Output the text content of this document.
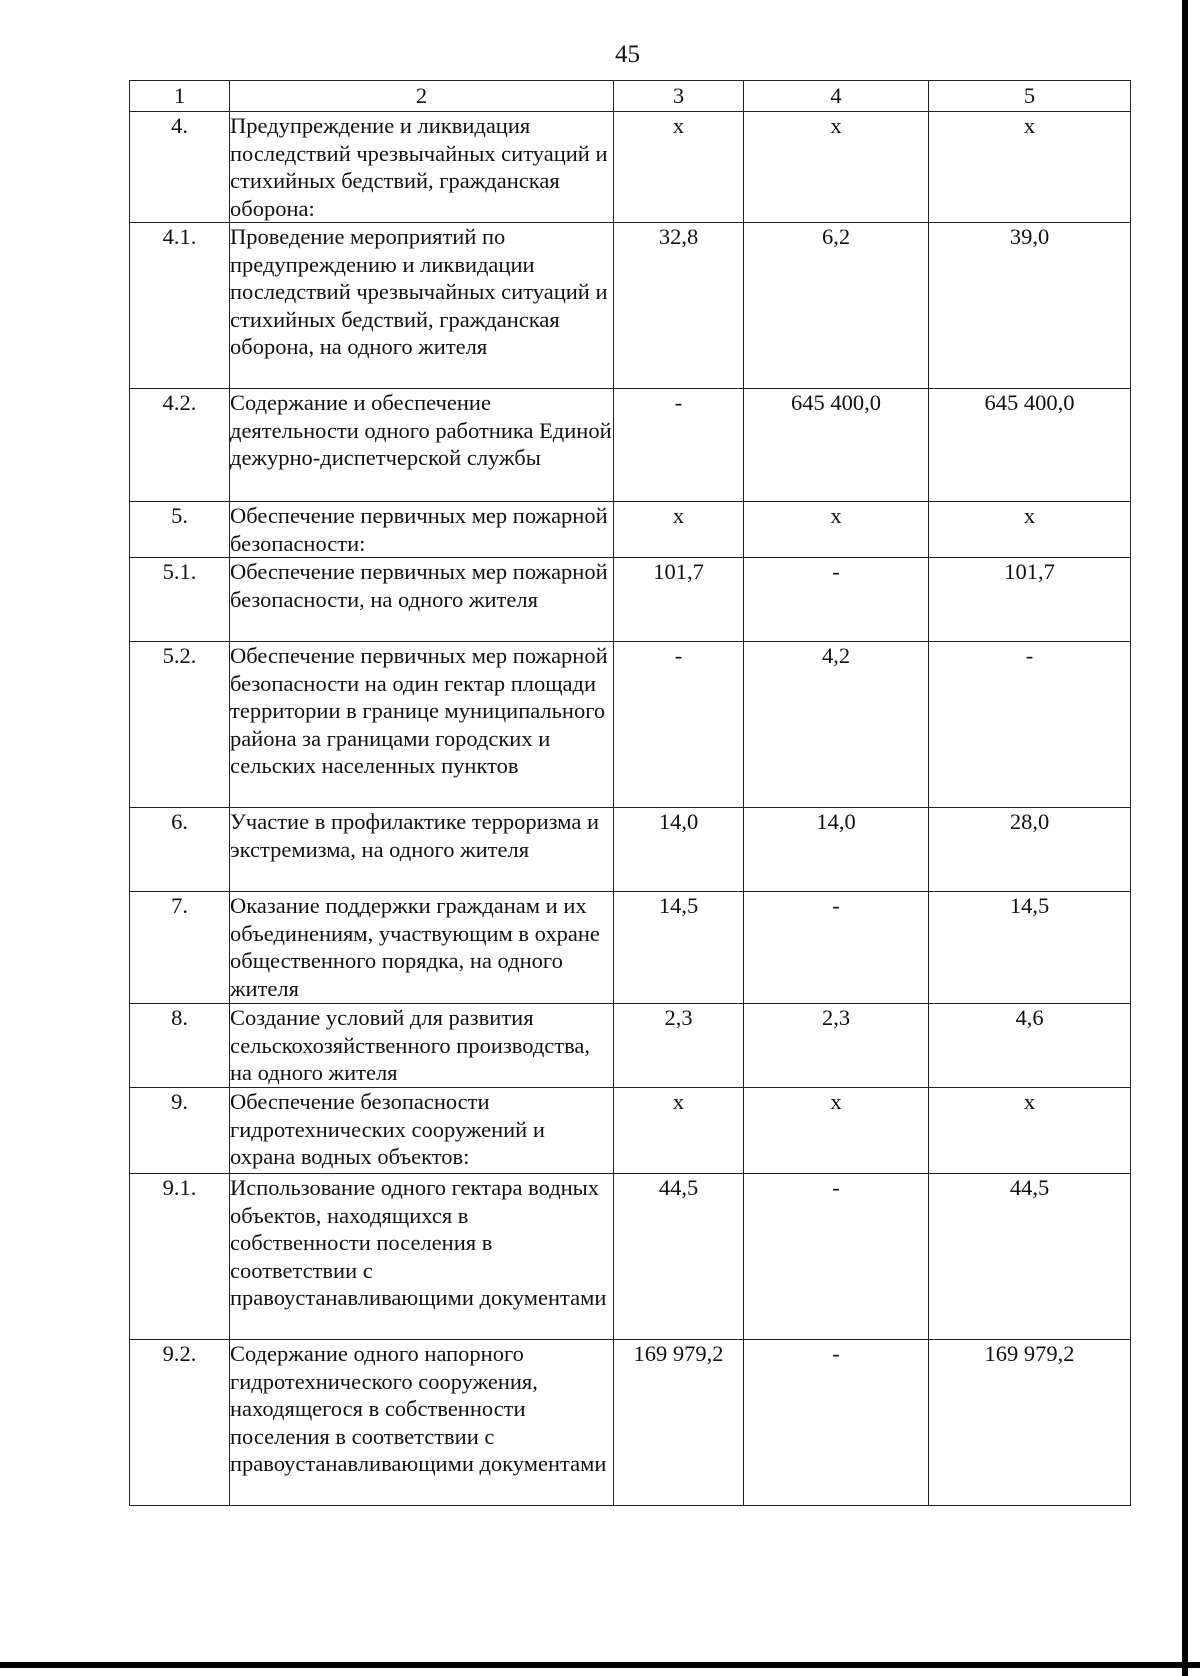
45
1	2	3	4	5
4.	Предупреждение и ликвидация последствий чрезвычайных ситуаций и стихийных бедствий, гражданская оборона:	х	х	х
4.1.	Проведение мероприятий по предупреждению и ликвидации последствий чрезвычайных ситуаций и стихийных бедствий, гражданская оборона, на одного жителя	32,8	6,2	39,0
4.2.	Содержание и обеспечение деятельности одного работника Единой дежурно-диспетчерской службы	-	645 400,0	645 400,0
5.	Обеспечение первичных мер пожарной безопасности:	х	х	х
5.1.	Обеспечение первичных мер пожарной безопасности, на одного жителя	101,7	-	101,7
5.2.	Обеспечение первичных мер пожарной безопасности на один гектар площади территории в границе муниципального района за границами городских и сельских населенных пунктов	-	4,2	-
6.	Участие в профилактике терроризма и экстремизма, на одного жителя	14,0	14,0	28,0
7.	Оказание поддержки гражданам и их объединениям, участвующим в охране общественного порядка, на одного жителя	14,5	-	14,5
8.	Создание условий для развития сельскохозяйственного производства, на одного жителя	2,3	2,3	4,6
9.	Обеспечение безопасности гидротехнических сооружений и охрана водных объектов:	х	х	х
9.1.	Использование одного гектара водных объектов, находящихся в собственности поселения в соответствии с правоустанавливающими документами	44,5	-	44,5
9.2.	Содержание одного напорного гидротехнического сооружения, находящегося в собственности поселения в соответствии с правоустанавливающими документами	169 979,2	-	169 979,2
